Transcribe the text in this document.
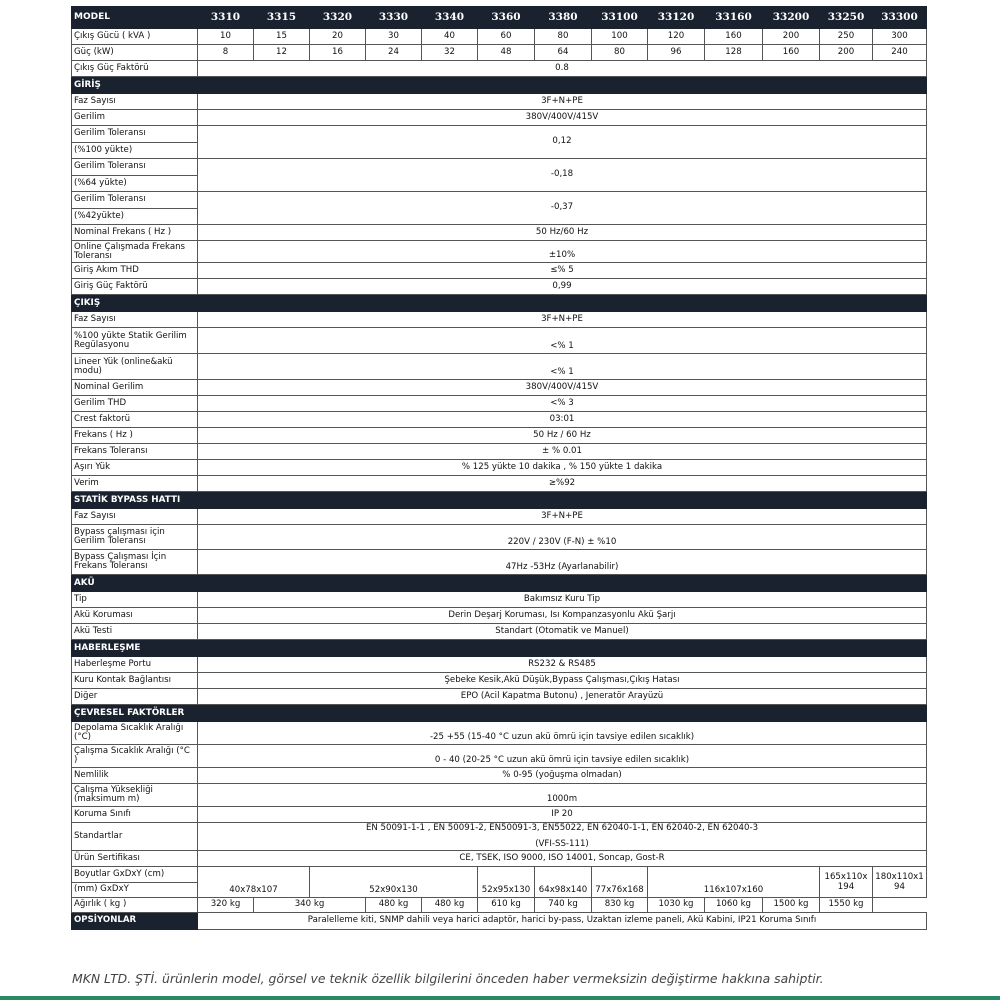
MODEL	3310	3315	3320	3330	3340	3360	3380	33100	33120	33160	33200	33250	33300
Çıkış Gücü ( kVA )	10	15	20	30	40	60	80	100	120	160	200	250	300
Güç (kW)	8	12	16	24	32	48	64	80	96	128	160	200	240
Çıkış Güç Faktörü	0.8												
GİRİŞ													
Faz Sayısı	3F+N+PE												
Gerilim	380V/400V/415V												
Gerilim Toleransı	0,12												
(%100 yükte)													
Gerilim Toleransı	-0,18												
(%64 yükte)													
Gerilim Toleransı	-0,37												
(%42yükte)													
Nominal Frekans ( Hz )	50 Hz/60 Hz												
Online Çalışmada Frekans Toleransı	±10%												
Giriş Akım THD	≤% 5												
Giriş Güç Faktörü	0,99												
ÇIKIŞ													
Faz Sayısı	3F+N+PE												
%100 yükte Statik Gerilim Regülasyonu	<% 1												
Lineer Yük (online&akü modu)	<% 1												
Nominal Gerilim	380V/400V/415V												
Gerilim THD	<% 3												
Crest faktorü	03:01												
Frekans ( Hz )	50 Hz / 60 Hz												
Frekans Toleransı	± % 0.01												
Aşırı Yük	% 125 yükte 10 dakika , % 150 yükte 1 dakika												
Verim	≥%92												
STATİK BYPASS HATTI													
Faz Sayısı	3F+N+PE												
Bypass çalışması için Gerilim Toleransı	220V / 230V (F-N) ± %10												
Bypass Çalışması İçin Frekans Toleransı	47Hz -53Hz (Ayarlanabilir)												
AKÜ													
Tip	Bakımsız Kuru Tip												
Akü Koruması	Derin Deşarj Koruması, Isı Kompanzasyonlu Akü Şarjı												
Akü Testi	Standart (Otomatik ve Manuel)												
HABERLEŞME													
Haberleşme Portu	RS232 & RS485												
Kuru Kontak Bağlantısı	Şebeke Kesik,Akü Düşük,Bypass Çalışması,Çıkış Hatası												
Diğer	EPO (Acil Kapatma Butonu) , Jeneratör Arayüzü												
ÇEVRESEL FAKTÖRLER													
Depolama Sıcaklık Aralığı (°C)	-25 +55 (15-40 °C uzun akü ömrü için tavsiye edilen sıcaklık)												
Çalışma Sıcaklık Aralığı (°C )	0 - 40 (20-25 °C uzun akü ömrü için tavsiye edilen sıcaklık)												
Nemlilik	% 0-95 (yoğuşma olmadan)												
Çalışma Yüksekliği (maksimum m)	1000m												
Koruma Sınıfı	IP 20												
Standartlar	EN 50091-1-1 , EN 50091-2, EN50091-3, EN55022, EN 62040-1-1, EN 62040-2, EN 62040-3
(VFI-SS-111)												

Ürün Sertifikası	CE, TSEK, ISO 9000, ISO 14001, Soncap, Gost-R												
Boyutlar GxDxY (cm)	40x78x107		52x90x130			52x95x130	64x98x140	77x76x168	116x107x160			165x110x194	180x110x194
(mm) GxDxY													
Ağırlık ( kg )	320 kg	340 kg		480 kg	480 kg	610 kg	740 kg	830 kg	1030 kg	1060 kg	1500 kg	1550 kg	
OPSİYONLAR	Paralelleme kiti, SNMP dahili veya harici adaptör, harici by-pass, Uzaktan izleme paneli, Akü Kabini, IP21 Koruma Sınıfı												
MKN LTD. ŞTİ. ürünlerin model, görsel ve teknik özellik bilgilerini önceden haber vermeksizin değiştirme hakkına sahiptir.
